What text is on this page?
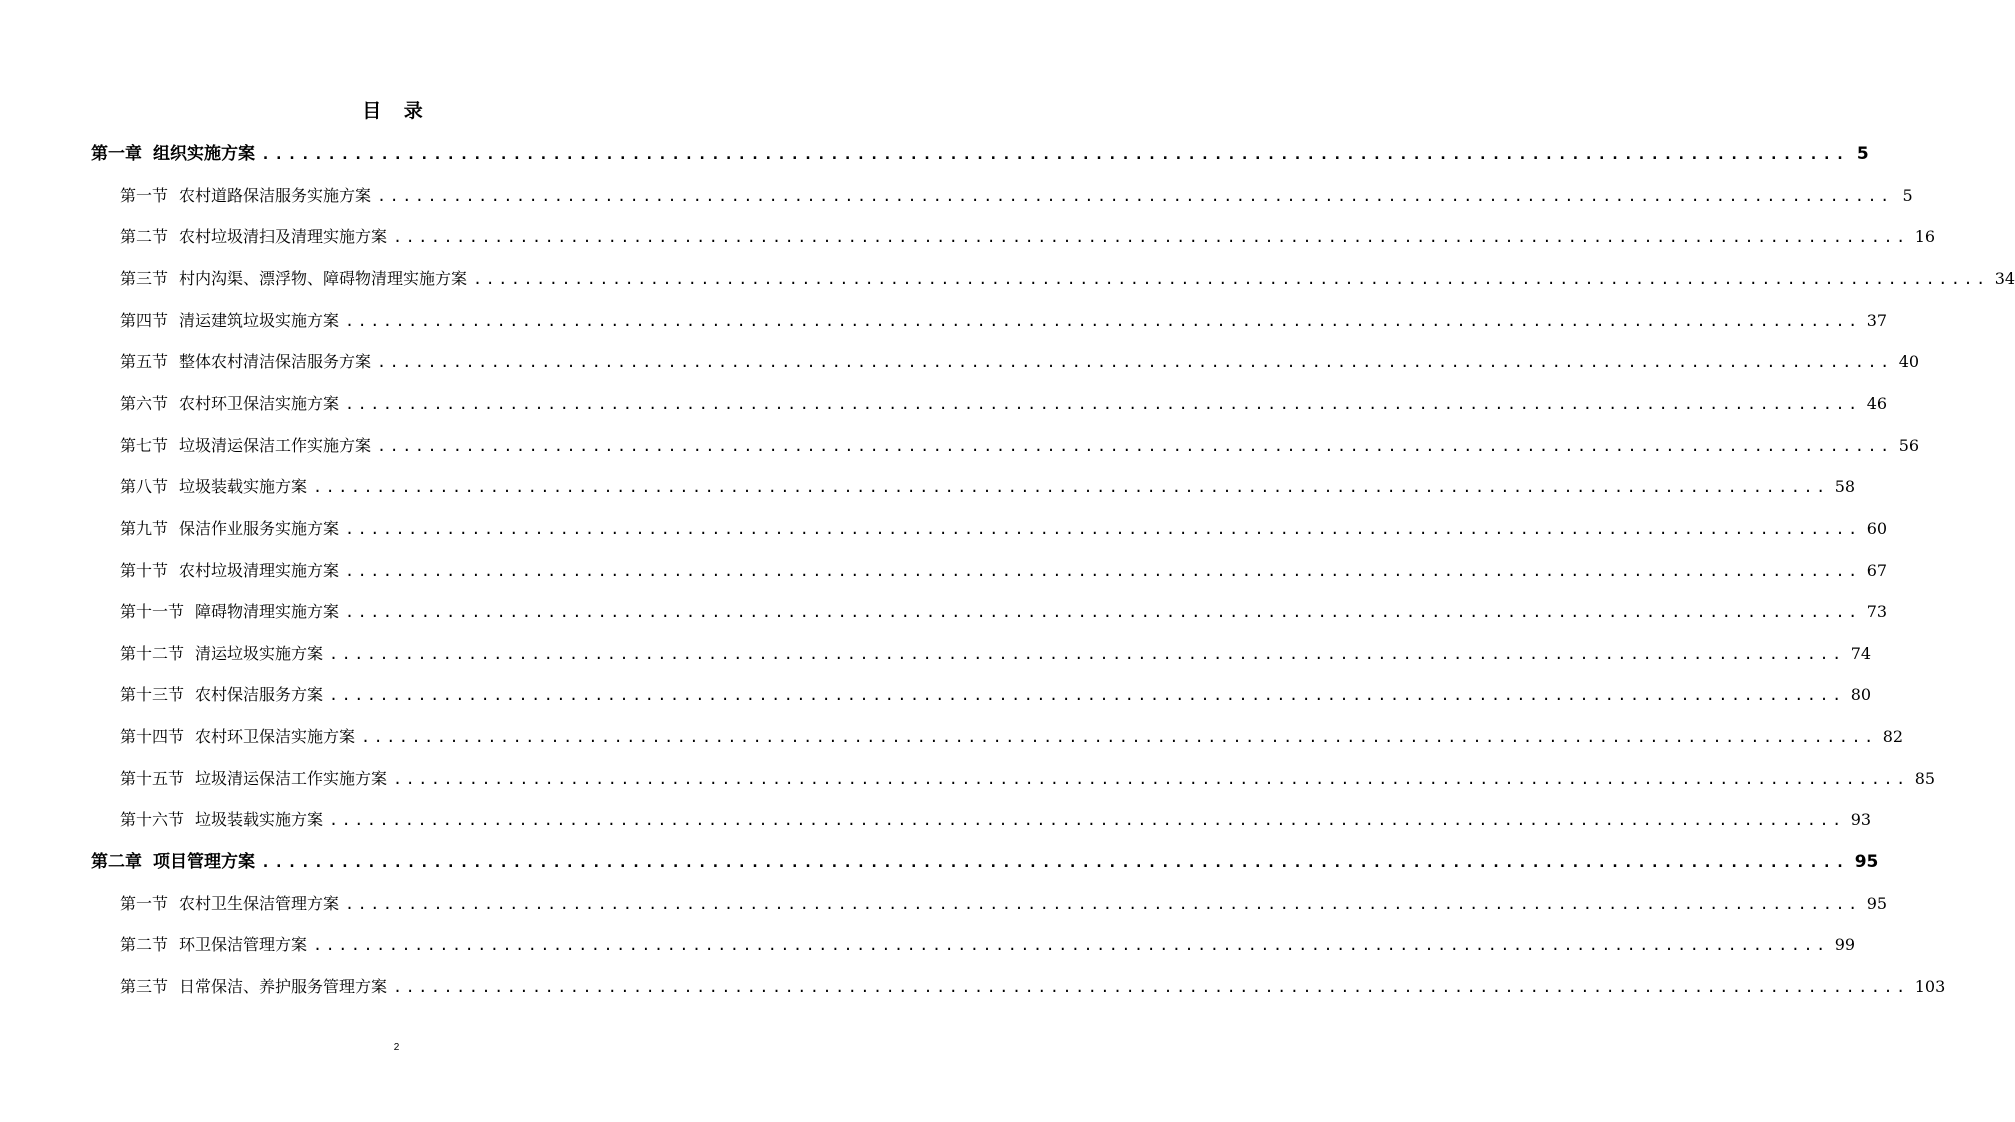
目 录
第一章 组织实施方案 ........................................................................................................................ 5
第一节 农村道路保洁服务实施方案 ........................................................................................................................ 5
第二节 农村垃圾清扫及清理实施方案 ........................................................................................................................ 16
第三节 村内沟渠、漂浮物、障碍物清理实施方案 ........................................................................................................................ 34
第四节 清运建筑垃圾实施方案 ........................................................................................................................ 37
第五节 整体农村清洁保洁服务方案 ........................................................................................................................ 40
第六节 农村环卫保洁实施方案 ........................................................................................................................ 46
第七节 垃圾清运保洁工作实施方案 ........................................................................................................................ 56
第八节 垃圾装载实施方案 ........................................................................................................................ 58
第九节 保洁作业服务实施方案 ........................................................................................................................ 60
第十节 农村垃圾清理实施方案 ........................................................................................................................ 67
第十一节 障碍物清理实施方案 ........................................................................................................................ 73
第十二节 清运垃圾实施方案 ........................................................................................................................ 74
第十三节 农村保洁服务方案 ........................................................................................................................ 80
第十四节 农村环卫保洁实施方案 ........................................................................................................................ 82
第十五节 垃圾清运保洁工作实施方案 ........................................................................................................................ 85
第十六节 垃圾装载实施方案 ........................................................................................................................ 93
第二章 项目管理方案 ........................................................................................................................ 95
第一节 农村卫生保洁管理方案 ........................................................................................................................ 95
第二节 环卫保洁管理方案 ........................................................................................................................ 99
第三节 日常保洁、养护服务管理方案 ........................................................................................................................ 103
2
